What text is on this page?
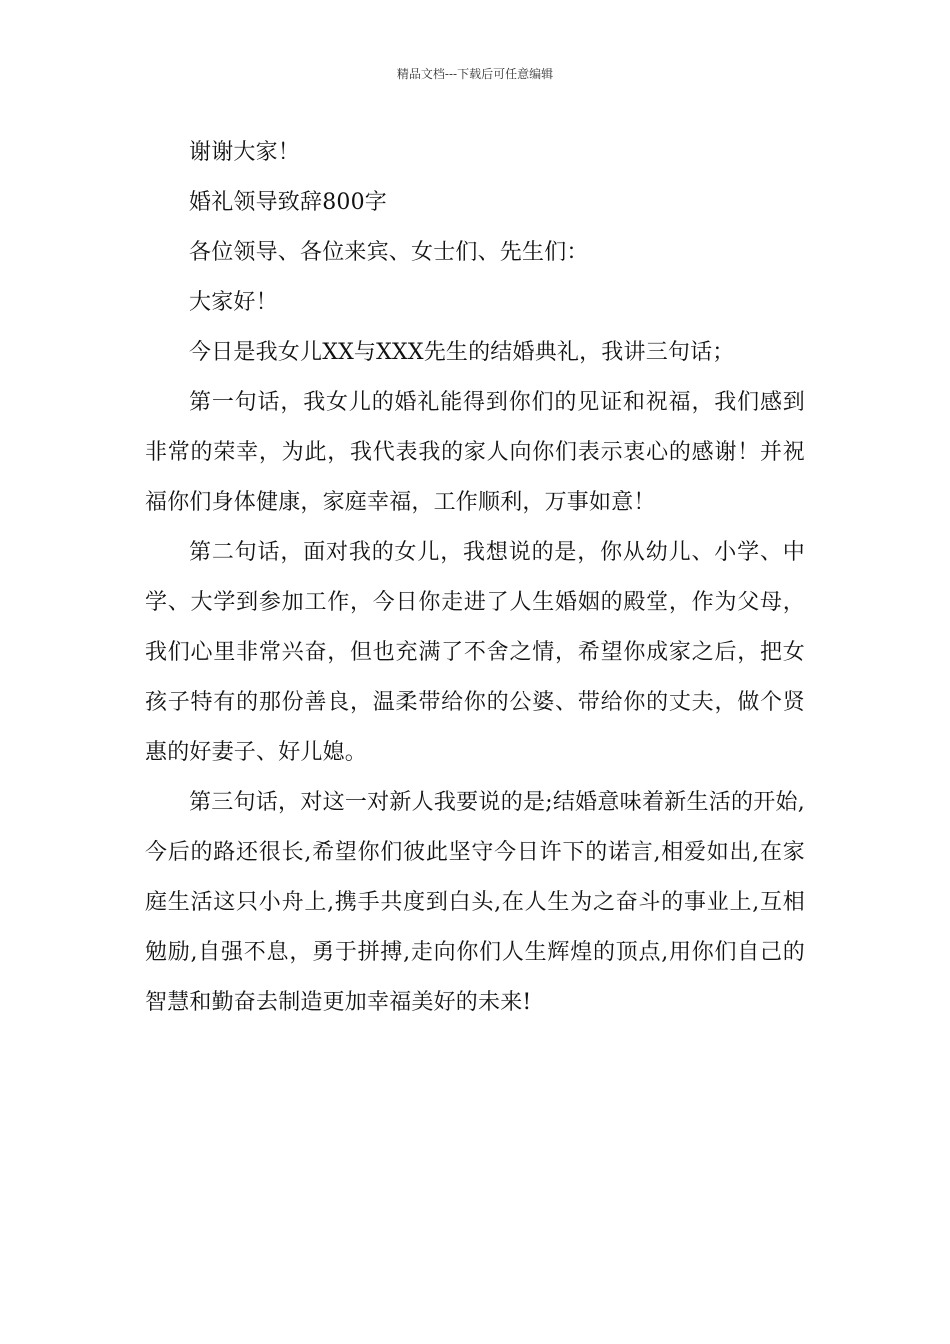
精品文档---下载后可任意编辑

谢谢大家！

婚礼领导致辞800字

各位领导、各位来宾、女士们、先生们：

大家好！

今日是我女儿XX与XXX先生的结婚典礼，我讲三句话；

第一句话，我女儿的婚礼能得到你们的见证和祝福，我们感到非常的荣幸，为此，我代表我的家人向你们表示衷心的感谢！并祝福你们身体健康，家庭幸福，工作顺利，万事如意！

第二句话，面对我的女儿，我想说的是，你从幼儿、小学、中学、大学到参加工作，今日你走进了人生婚姻的殿堂，作为父母，我们心里非常兴奋，但也充满了不舍之情，希望你成家之后，把女孩子特有的那份善良，温柔带给你的公婆、带给你的丈夫，做个贤惠的好妻子、好儿媳。

第三句话，对这一对新人我要说的是;结婚意味着新生活的开始,今后的路还很长,希望你们彼此坚守今日许下的诺言,相爱如出,在家庭生活这只小舟上,携手共度到白头,在人生为之奋斗的事业上,互相勉励,自强不息，勇于拼搏,走向你们人生辉煌的顶点,用你们自己的智慧和勤奋去制造更加幸福美好的未来!
